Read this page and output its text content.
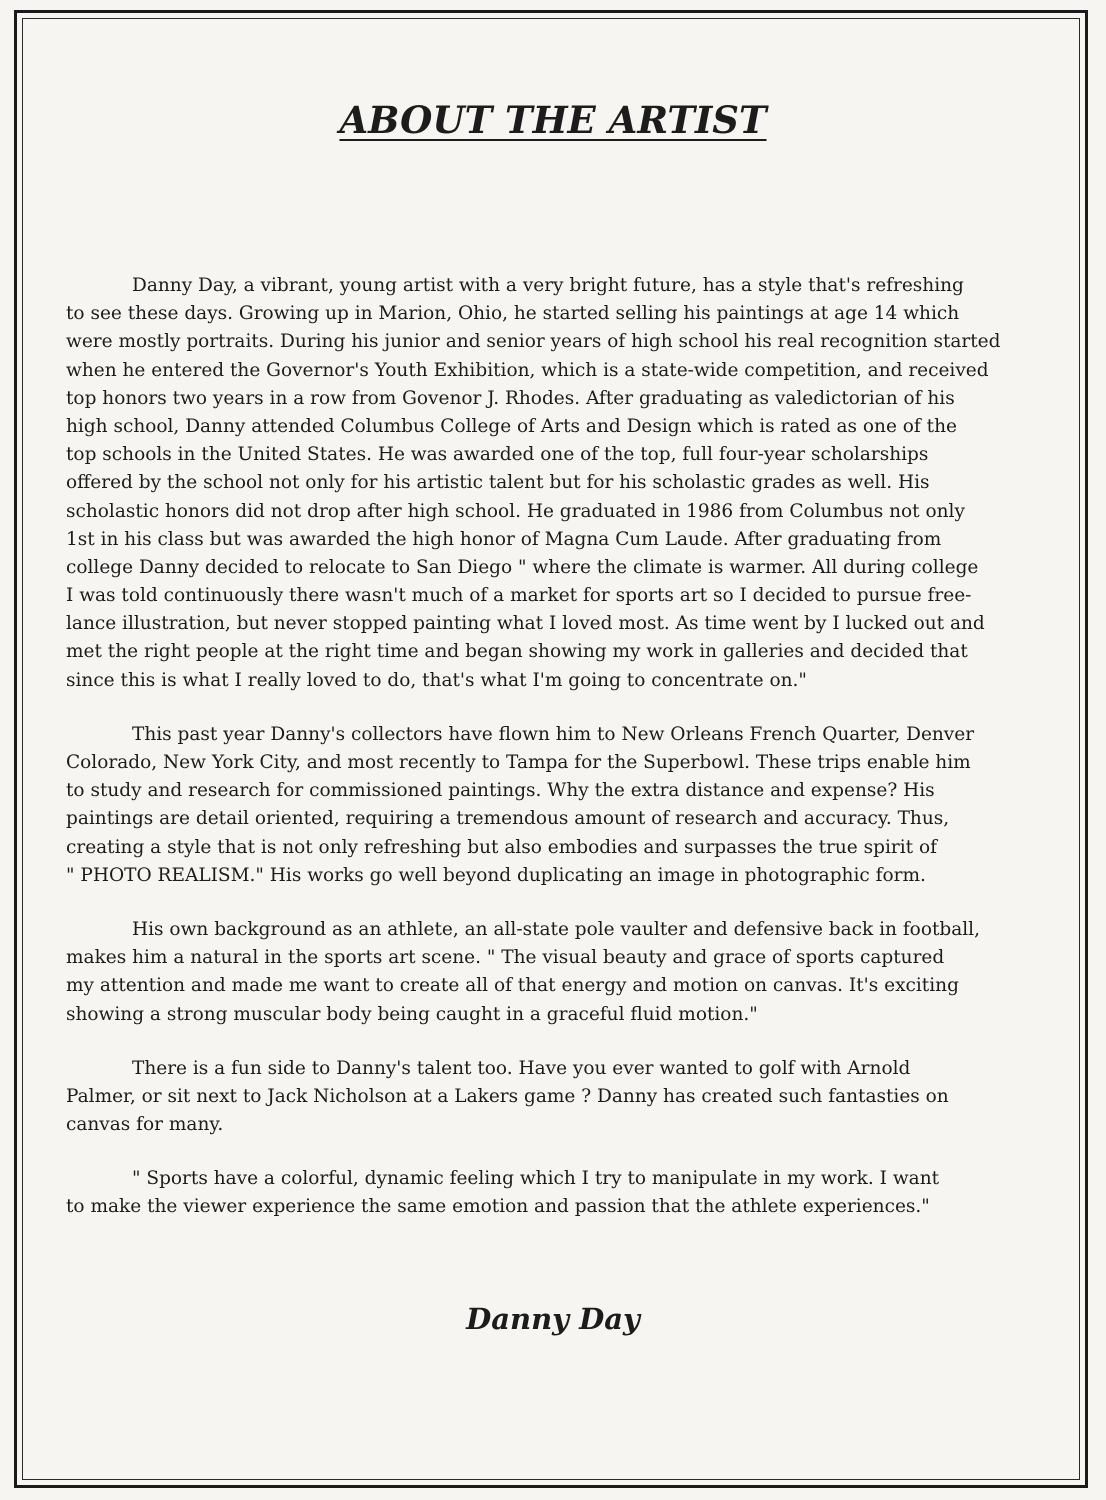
ABOUT THE ARTIST
Danny Day, a vibrant, young artist with a very bright future, has a style that's refreshing
to see these days. Growing up in Marion, Ohio, he started selling his paintings at age 14 which
were mostly portraits. During his junior and senior years of high school his real recognition started
when he entered the Governor's Youth Exhibition, which is a state-wide competition, and received
top honors two years in a row from Govenor J. Rhodes. After graduating as valedictorian of his
high school, Danny attended Columbus College of Arts and Design which is rated as one of the
top schools in the United States. He was awarded one of the top, full four-year scholarships
offered by the school not only for his artistic talent but for his scholastic grades as well. His
scholastic honors did not drop after high school. He graduated in 1986 from Columbus not only
1st in his class but was awarded the high honor of Magna Cum Laude. After graduating from
college Danny decided to relocate to San Diego " where the climate is warmer. All during college
I was told continuously there wasn't much of a market for sports art so I decided to pursue free-
lance illustration, but never stopped painting what I loved most. As time went by I lucked out and
met the right people at the right time and began showing my work in galleries and decided that
since this is what I really loved to do, that's what I'm going to concentrate on."
This past year Danny's collectors have flown him to New Orleans French Quarter, Denver
Colorado, New York City, and most recently to Tampa for the Superbowl. These trips enable him
to study and research for commissioned paintings. Why the extra distance and expense? His
paintings are detail oriented, requiring a tremendous amount of research and accuracy. Thus,
creating a style that is not only refreshing but also embodies and surpasses the true spirit of
" PHOTO REALISM." His works go well beyond duplicating an image in photographic form.
His own background as an athlete, an all-state pole vaulter and defensive back in football,
makes him a natural in the sports art scene. " The visual beauty and grace of sports captured
my attention and made me want to create all of that energy and motion on canvas. It's exciting
showing a strong muscular body being caught in a graceful fluid motion."
There is a fun side to Danny's talent too. Have you ever wanted to golf with Arnold
Palmer, or sit next to Jack Nicholson at a Lakers game ? Danny has created such fantasties on
canvas for many.
" Sports have a colorful, dynamic feeling which I try to manipulate in my work. I want
to make the viewer experience the same emotion and passion that the athlete experiences."
Danny Day
